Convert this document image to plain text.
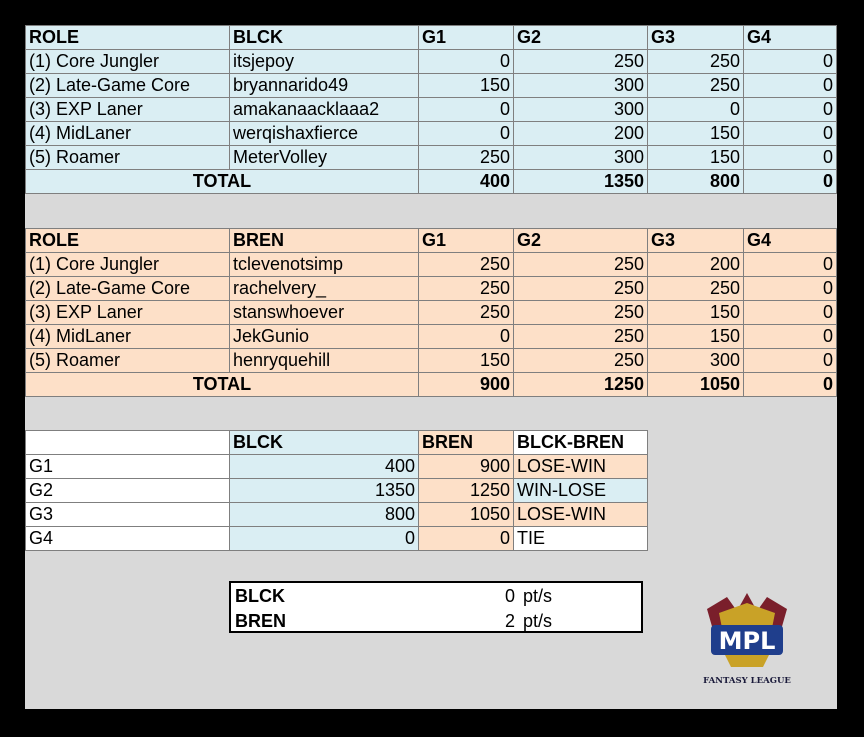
ROLE	BLCK	G1	G2	G3	G4
(1) Core Jungler	itsjepoy	0	250	250	0
(2) Late-Game Core	bryannarido49	150	300	250	0
(3) EXP Laner	amakanaacklaaa2	0	300	0	0
(4) MidLaner	werqishaxfierce	0	200	150	0
(5) Roamer	MeterVolley	250	300	150	0
TOTAL		400	1350	800	0
ROLE	BREN	G1	G2	G3	G4
(1) Core Jungler	tclevenotsimp	250	250	200	0
(2) Late-Game Core	rachelvery_	250	250	250	0
(3) EXP Laner	stanswhoever	250	250	150	0
(4) MidLaner	JekGunio	0	250	150	0
(5) Roamer	henryquehill	150	250	300	0
TOTAL		900	1250	1050	0
	BLCK	BREN	BLCK-BREN
G1	400	900	LOSE-WIN
G2	1350	1250	WIN-LOSE
G3	800	1050	LOSE-WIN
G4	0	0	TIE
BLCK	0 pt/s
BREN	2 pt/s
MPL
FANTASY LEAGUE
